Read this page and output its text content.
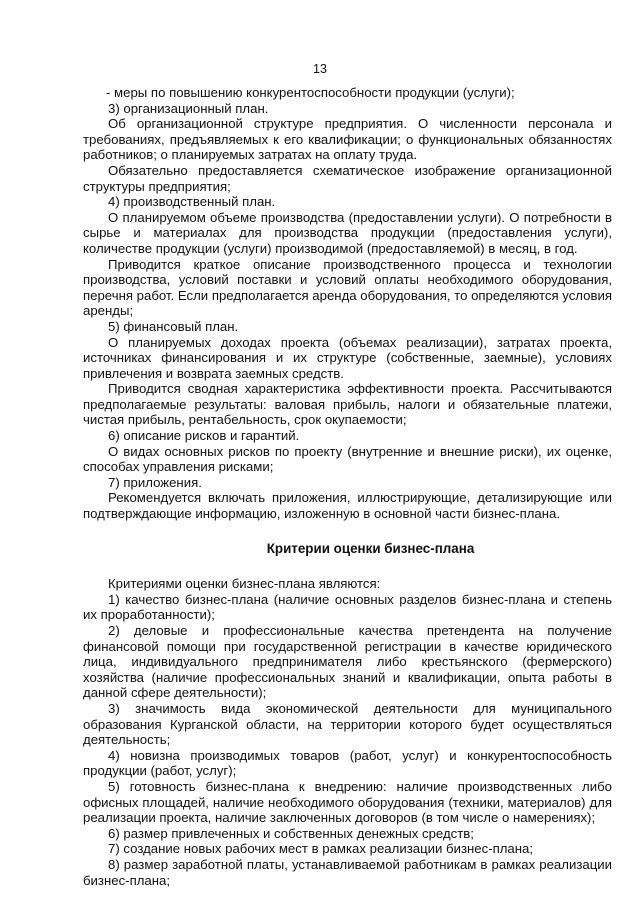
13

- меры по повышению конкурентоспособности продукции (услуги);

3) организационный план.

Об организационной структуре предприятия. О численности персонала и требованиях, предъявляемых к его квалификации; о функциональных обязанностях работников; о планируемых затратах на оплату труда.

Обязательно предоставляется схематическое изображение организационной структуры предприятия;

4) производственный план.

О планируемом объеме производства (предоставлении услуги). О потребности в сырье и материалах для производства продукции (предоставления услуги), количестве продукции (услуги) производимой (предоставляемой) в месяц, в год.

Приводится краткое описание производственного процесса и технологии производства, условий поставки и условий оплаты необходимого оборудования, перечня работ. Если предполагается аренда оборудования, то определяются условия аренды;

5) финансовый план.

О планируемых доходах проекта (объемах реализации), затратах проекта, источниках финансирования и их структуре (собственные, заемные), условиях привлечения и возврата заемных средств.

Приводится сводная характеристика эффективности проекта. Рассчитываются предполагаемые результаты: валовая прибыль, налоги и обязательные платежи, чистая прибыль, рентабельность, срок окупаемости;

6) описание рисков и гарантий.

О видах основных рисков по проекту (внутренние и внешние риски), их оценке, способах управления рисками;

7) приложения.

Рекомендуется включать приложения, иллюстрирующие, детализирующие или подтверждающие информацию, изложенную в основной части бизнес-плана.

Критерии оценки бизнес-плана

Критериями оценки бизнес-плана являются:

1) качество бизнес-плана (наличие основных разделов бизнес-плана и степень их проработанности);

2) деловые и профессиональные качества претендента на получение финансовой помощи при государственной регистрации в качестве юридического лица, индивидуального предпринимателя либо крестьянского (фермерского) хозяйства (наличие профессиональных знаний и квалификации, опыта работы в данной сфере деятельности);

3) значимость вида экономической деятельности для муниципального образования Курганской области, на территории которого будет осуществляться деятельность;

4) новизна производимых товаров (работ, услуг) и конкурентоспособность продукции (работ, услуг);

5) готовность бизнес-плана к внедрению: наличие производственных либо офисных площадей, наличие необходимого оборудования (техники, материалов) для реализации проекта, наличие заключенных договоров (в том числе о намерениях);

6) размер привлеченных и собственных денежных средств;

7) создание новых рабочих мест в рамках реализации бизнес-плана;

8) размер заработной платы, устанавливаемой работникам в рамках реализации бизнес-плана;
